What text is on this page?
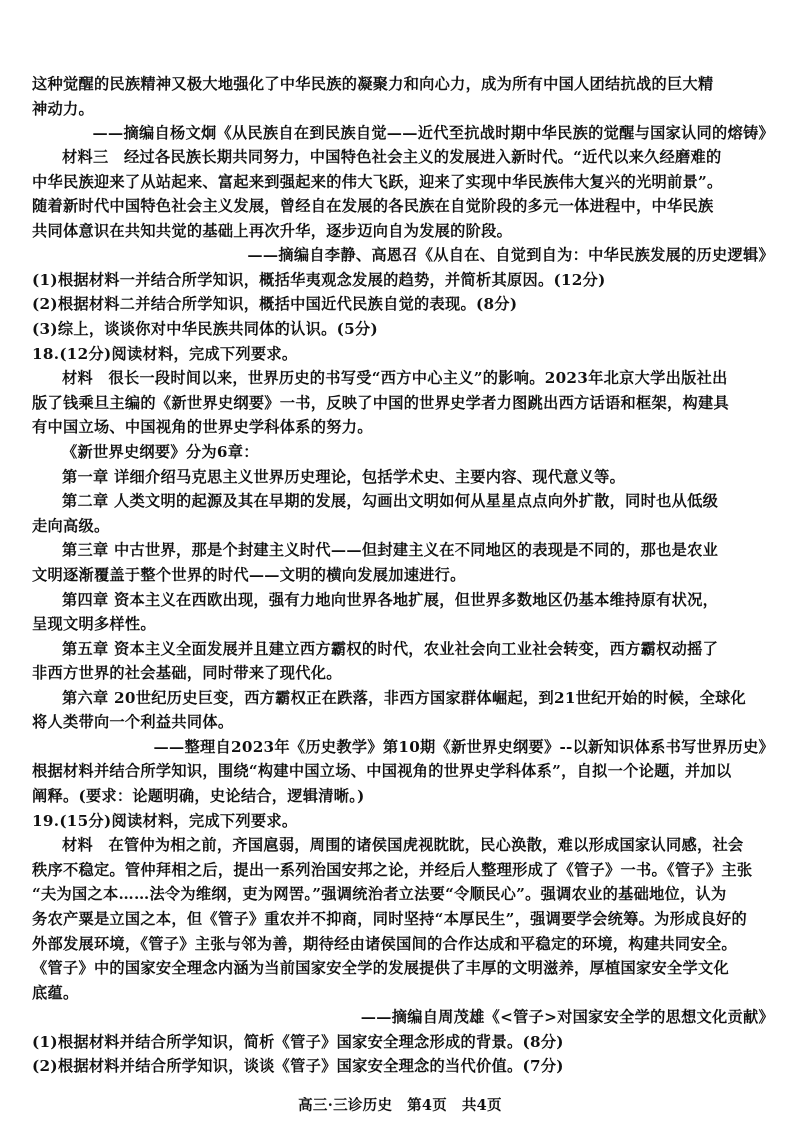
这种觉醒的民族精神又极大地强化了中华民族的凝聚力和向心力，成为所有中国人团结抗战的巨大精
神动力。
——摘编自杨文炯《从民族自在到民族自觉——近代至抗战时期中华民族的觉醒与国家认同的熔铸》
材料三　经过各民族长期共同努力，中国特色社会主义的发展进入新时代。“近代以来久经磨难的
中华民族迎来了从站起来、富起来到强起来的伟大飞跃，迎来了实现中华民族伟大复兴的光明前景”。
随着新时代中国特色社会主义发展，曾经自在发展的各民族在自觉阶段的多元一体进程中，中华民族
共同体意识在共知共觉的基础上再次升华，逐步迈向自为发展的阶段。
——摘编自李静、高恩召《从自在、自觉到自为：中华民族发展的历史逻辑》
(1)根据材料一并结合所学知识，概括华夷观念发展的趋势，并简析其原因。(12分)
(2)根据材料二并结合所学知识，概括中国近代民族自觉的表现。(8分)
(3)综上，谈谈你对中华民族共同体的认识。(5分)
18.(12分)阅读材料，完成下列要求。
材料　很长一段时间以来，世界历史的书写受“西方中心主义”的影响。2023年北京大学出版社出
版了钱乘旦主编的《新世界史纲要》一书，反映了中国的世界史学者力图跳出西方话语和框架，构建具
有中国立场、中国视角的世界史学科体系的努力。
《新世界史纲要》分为6章：
第一章 详细介绍马克思主义世界历史理论，包括学术史、主要内容、现代意义等。
第二章 人类文明的起源及其在早期的发展，勾画出文明如何从星星点点向外扩散，同时也从低级
走向高级。
第三章 中古世界，那是个封建主义时代——但封建主义在不同地区的表现是不同的，那也是农业
文明逐渐覆盖于整个世界的时代——文明的横向发展加速进行。
第四章 资本主义在西欧出现，强有力地向世界各地扩展，但世界多数地区仍基本维持原有状况，
呈现文明多样性。
第五章 资本主义全面发展并且建立西方霸权的时代，农业社会向工业社会转变，西方霸权动摇了
非西方世界的社会基础，同时带来了现代化。
第六章 20世纪历史巨变，西方霸权正在跌落，非西方国家群体崛起，到21世纪开始的时候，全球化
将人类带向一个利益共同体。
——整理自2023年《历史教学》第10期《新世界史纲要》--以新知识体系书写世界历史》
根据材料并结合所学知识，围绕“构建中国立场、中国视角的世界史学科体系”，自拟一个论题，并加以
阐释。(要求：论题明确，史论结合，逻辑清晰。)
19.(15分)阅读材料，完成下列要求。
材料　在管仲为相之前，齐国扈弱，周围的诸侯国虎视眈眈，民心涣散，难以形成国家认同感，社会
秩序不稳定。管仲拜相之后，提出一系列治国安邦之论，并经后人整理形成了《管子》一书。《管子》主张
“夫为国之本……法令为维纲，吏为网罟。”强调统治者立法要“令顺民心”。强调农业的基础地位，认为
务农产粟是立国之本，但《管子》重农并不抑商，同时坚持“本厚民生”，强调要学会统筹。为形成良好的
外部发展环境，《管子》主张与邻为善，期待经由诸侯国间的合作达成和平稳定的环境，构建共同安全。
《管子》中的国家安全理念内涵为当前国家安全学的发展提供了丰厚的文明滋养，厚植国家安全学文化
底蕴。
——摘编自周茂雄《<管子>对国家安全学的思想文化贡献》
(1)根据材料并结合所学知识，简析《管子》国家安全理念形成的背景。(8分)
(2)根据材料并结合所学知识，谈谈《管子》国家安全理念的当代价值。(7分)
高三·三诊历史　第4页　共4页
